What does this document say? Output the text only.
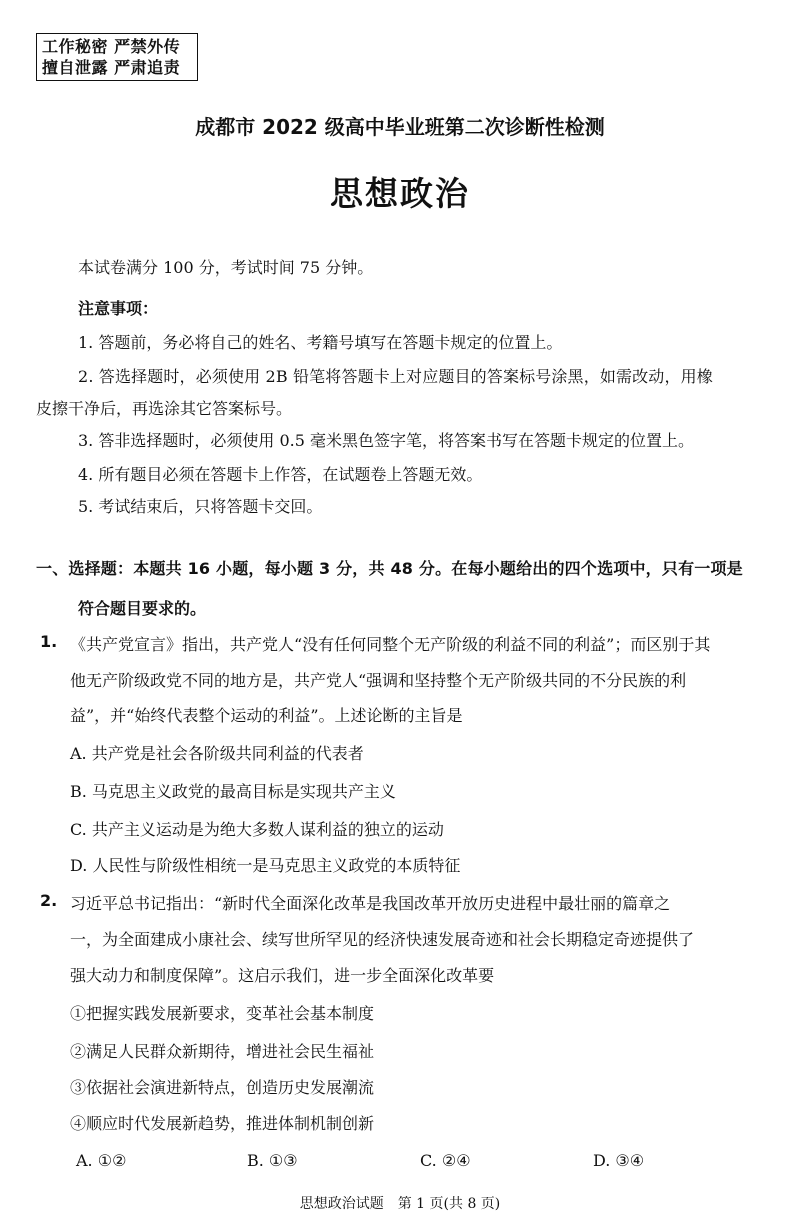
工作秘密 严禁外传
擅自泄露 严肃追责
成都市 2022 级高中毕业班第二次诊断性检测
思想政治
本试卷满分 100 分，考试时间 75 分钟。
注意事项：
1. 答题前，务必将自己的姓名、考籍号填写在答题卡规定的位置上。
2. 答选择题时，必须使用 2B 铅笔将答题卡上对应题目的答案标号涂黑，如需改动，用橡
皮擦干净后，再选涂其它答案标号。
3. 答非选择题时，必须使用 0.5 毫米黑色签字笔，将答案书写在答题卡规定的位置上。
4. 所有题目必须在答题卡上作答，在试题卷上答题无效。
5. 考试结束后，只将答题卡交回。
一、选择题：本题共 16 小题，每小题 3 分，共 48 分。在每小题给出的四个选项中，只有一项是
符合题目要求的。
1. 《共产党宣言》指出，共产党人“没有任何同整个无产阶级的利益不同的利益”；而区别于其
他无产阶级政党不同的地方是，共产党人“强调和坚持整个无产阶级共同的不分民族的利
益”，并“始终代表整个运动的利益”。上述论断的主旨是
A. 共产党是社会各阶级共同利益的代表者
B. 马克思主义政党的最高目标是实现共产主义
C. 共产主义运动是为绝大多数人谋利益的独立的运动
D. 人民性与阶级性相统一是马克思主义政党的本质特征
2. 习近平总书记指出：“新时代全面深化改革是我国改革开放历史进程中最壮丽的篇章之
一，为全面建成小康社会、续写世所罕见的经济快速发展奇迹和社会长期稳定奇迹提供了
强大动力和制度保障”。这启示我们，进一步全面深化改革要
①把握实践发展新要求，变革社会基本制度
②满足人民群众新期待，增进社会民生福祉
③依据社会演进新特点，创造历史发展潮流
④顺应时代发展新趋势，推进体制机制创新
A. ①②	B. ①③	C. ②④	D. ③④
思想政治试题　第 1 页(共 8 页)
